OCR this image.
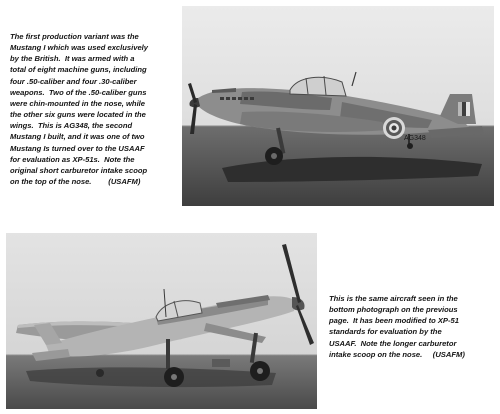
The first production variant was the
Mustang I which was used exclusively
by the British.  It was armed with a
total of eight machine guns, including
four .50-caliber and four .30-caliber
weapons.  Two of the .50-caliber guns
were chin-mounted in the nose, while
the other six guns were located in the
wings.  This is AG348, the second
Mustang I built, and it was one of two
Mustang Is turned over to the USAAF
for evaluation as XP-51s.  Note the
original short carburetor intake scoop
on the top of the nose.        (USAFM)
AG348
This is the same aircraft seen in the
bottom photograph on the previous
page.  It has been modified to XP-51
standards for evaluation by the
USAAF.  Note the longer carburetor
intake scoop on the nose.     (USAFM)
